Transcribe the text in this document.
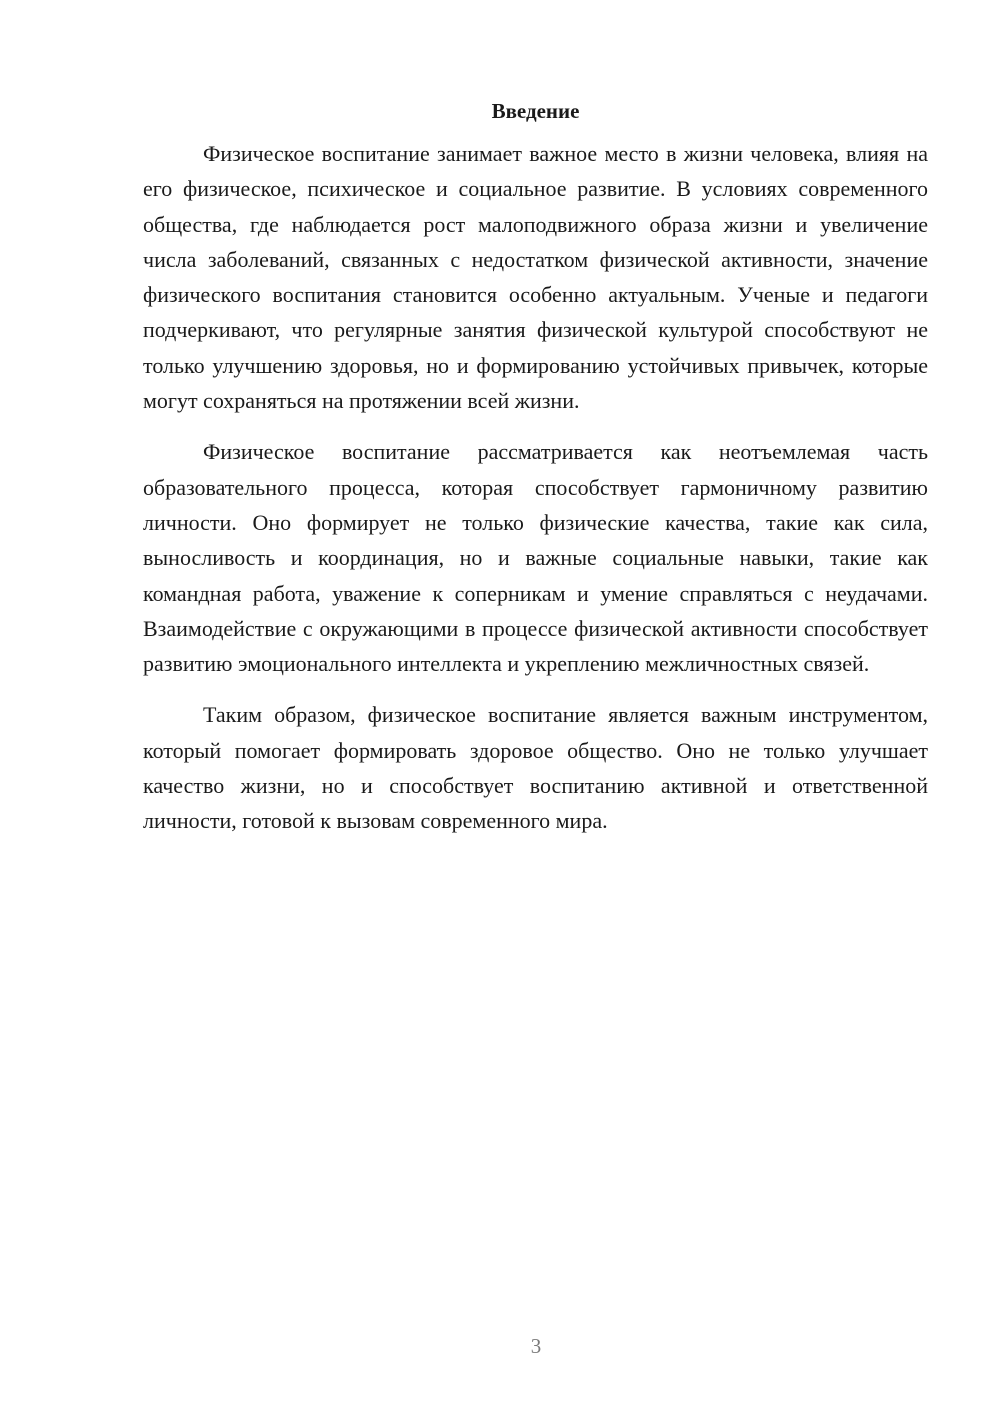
Введение

Физическое воспитание занимает важное место в жизни человека, влияя на его физическое, психическое и социальное развитие. В условиях современного общества, где наблюдается рост малоподвижного образа жизни и увеличение числа заболеваний, связанных с недостатком физической активности, значение физического воспитания становится особенно актуальным. Ученые и педагоги подчеркивают, что регулярные занятия физической культурой способствуют не только улучшению здоровья, но и формированию устойчивых привычек, которые могут сохраняться на протяжении всей жизни.

Физическое воспитание рассматривается как неотъемлемая часть образовательного процесса, которая способствует гармоничному развитию личности. Оно формирует не только физические качества, такие как сила, выносливость и координация, но и важные социальные навыки, такие как командная работа, уважение к соперникам и умение справляться с неудачами. Взаимодействие с окружающими в процессе физической активности способствует развитию эмоционального интеллекта и укреплению межличностных связей.

Таким образом, физическое воспитание является важным инструментом, который помогает формировать здоровое общество. Оно не только улучшает качество жизни, но и способствует воспитанию активной и ответственной личности, готовой к вызовам современного мира.

3
